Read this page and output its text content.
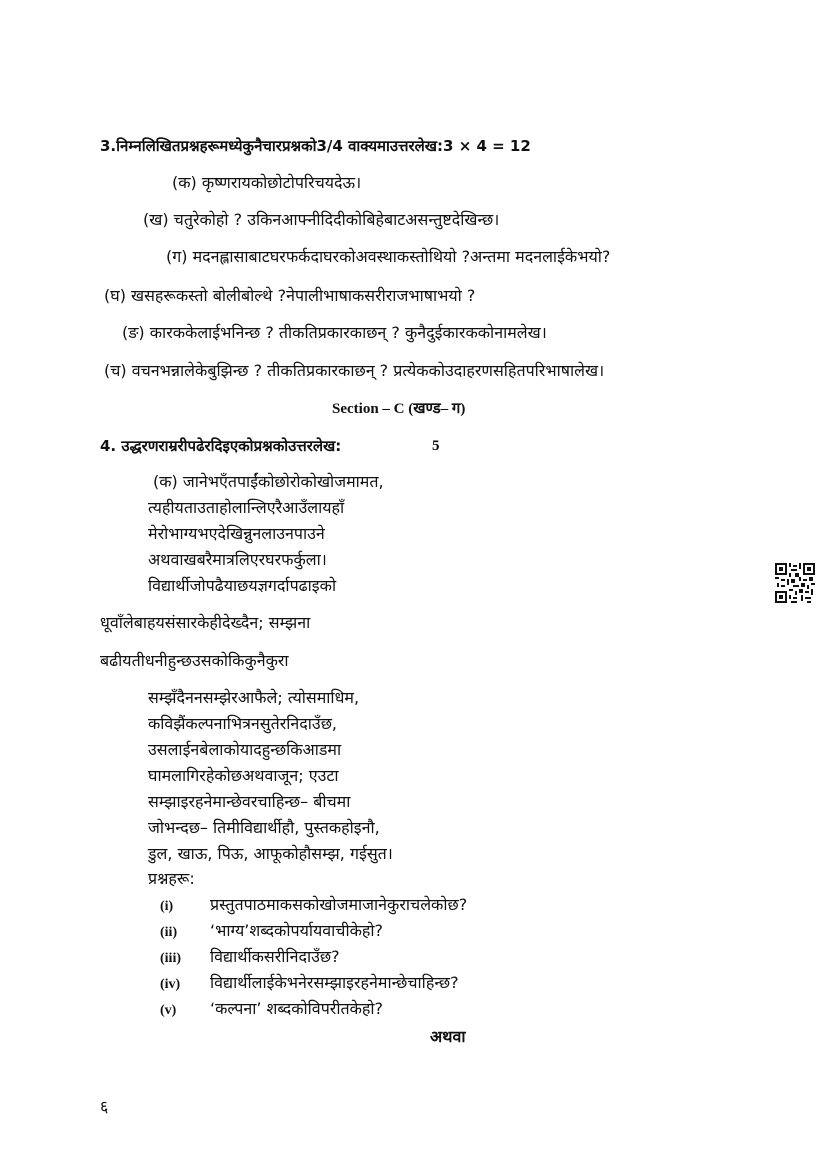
3.निम्नलिखितप्रश्नहरूमध्येकुनैचारप्रश्नको3/4 वाक्यमाउत्तरलेख:3 × 4 = 12
(क) कृष्णरायकोछोटोपरिचयदेऊ।
(ख) चतुरेकोहो ? उकिनआफ्नीदिदीकोबिहेबाटअसन्तुष्टदेखिन्छ।
(ग) मदनह्लासाबाटघरफर्कदाघरकोअवस्थाकस्तोथियो ?अन्तमा मदनलाईकेभयो?
(घ) खसहरूकस्तो बोलीबोल्थे ?नेपालीभाषाकसरीराजभाषाभयो ?
(ङ) कारककेलाईभनिन्छ ? तीकतिप्रकारकाछन् ? कुनैदुईकारककोनामलेख।
(च) वचनभन्नालेकेबुझिन्छ ? तीकतिप्रकारकाछन् ? प्रत्येकको‍उदाहरणसहितपरिभाषालेख।
Section – C (खण्ड– ग)
4. उद्धरणराम्ररीपढेरदिइएकोप्रश्नकोउत्तरलेख:	5
(क) जानेभएँतपाईंकोछोरोकोखोजमामत,
त्यहीयताउताहोलान्लिएरैआउँलायहाँ
मेरोभाग्यभएदेखिन्नुनलाउनपाउने
अथवाखबरैमात्रलिएरघरफर्कुला।
विद्यार्थीजोपढैयाछयज्ञगर्दापढाइको
धूवाँलेबाहयसंसारकेहीदेख्दैन; सम्झना
बढीयतीधनीहुन्छउसकोकिकुनैकुरा
सम्झँदैननसम्झेरआफैले; त्योसमाधिम,
कविझैंकल्पनाभित्रनसुतेरनिदाउँछ,
उसलाईनबेलाकोयादहुन्छकिआडमा
घामलागिरहेकोछअथवाजून; एउटा
सम्झाइरहनेमान्छेवरचाहिन्छ– बीचमा
जोभन्दछ– तिमीविद्यार्थीहौ, पुस्तकहोइनौ,
डुल, खाऊ, पिऊ, आफूकोहौसम्झ, गईसुत।
प्रश्नहरू:
(i) प्रस्तुतपाठमाकसकोखोजमाजानेकुराचलेकोछ?
(ii) ‘भाग्य’शब्दकोपर्यायवाचीकेहो?
(iii) विद्यार्थीकसरीनिदाउँछ?
(iv) विद्यार्थीलाईकेभनेरसम्झाइरहनेमान्छेचाहिन्छ?
(v) ‘कल्पना’ शब्दकोविपरीतकेहो?
अथवा
६
